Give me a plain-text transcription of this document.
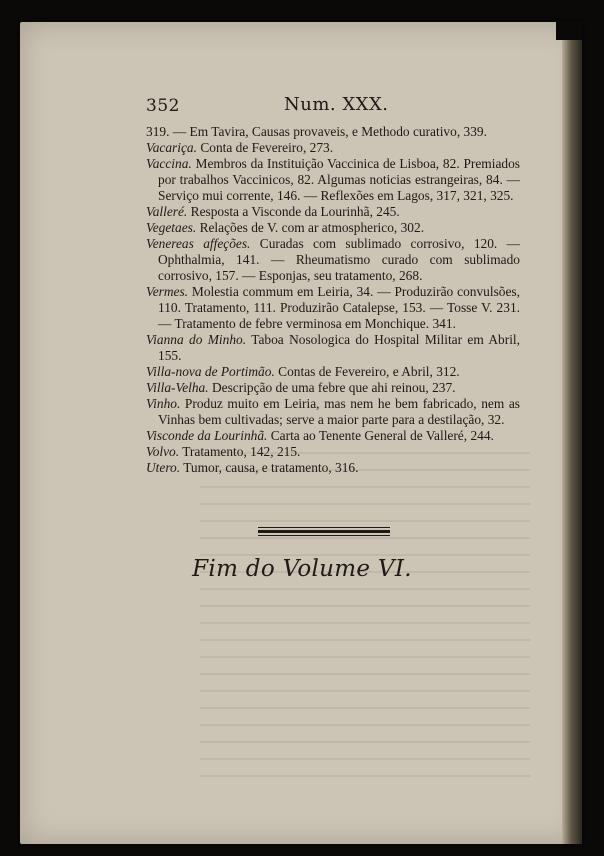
352	Num. XXX.

319. — Em Tavira, Causas provaveis, e Methodo curativo, 339.

Vacariça. Conta de Fevereiro, 273.

Vaccina. Membros da Instituição Vaccinica de Lisboa, 82. Premiados por trabalhos Vaccinicos, 82. Algumas noticias estrangeiras, 84. — Serviço mui corrente, 146. — Reflexões em Lagos, 317, 321, 325.

Valleré. Resposta a Visconde da Lourinhã, 245.

Vegetaes. Relações de V. com ar atmospherico, 302.

Venereas affeções. Curadas com sublimado corrosivo, 120. — Ophthalmia, 141. — Rheumatismo curado com sublimado corrosivo, 157. — Esponjas, seu tratamento, 268.

Vermes. Molestia commum em Leiria, 34. — Produzirão convulsões, 110. Tratamento, 111. Produzirão Catalepse, 153. — Tosse V. 231. — Tratamento de febre verminosa em Monchique. 341.

Vianna do Minho. Taboa Nosologica do Hospital Militar em Abril, 155.

Villa-nova de Portimão. Contas de Fevereiro, e Abril, 312.

Villa-Velha. Descripção de uma febre que ahi reinou, 237.

Vinho. Produz muito em Leiria, mas nem he bem fabricado, nem as Vinhas bem cultivadas; serve a maior parte para a destilação, 32.

Visconde da Lourinhã. Carta ao Tenente General de Valleré, 244.

Volvo. Tratamento, 142, 215.

Utero. Tumor, causa, e tratamento, 316.

Fim do Volume VI.
